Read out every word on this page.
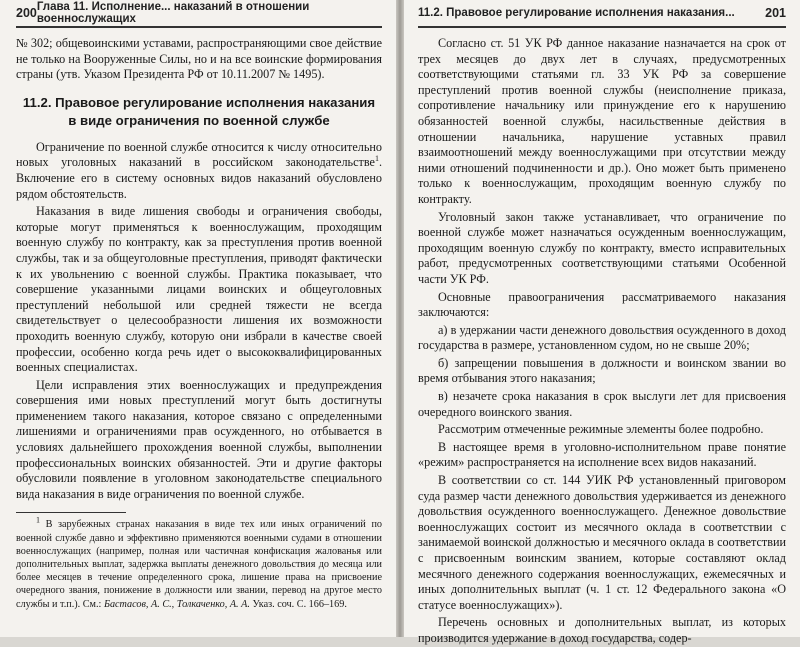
200 Глава 11. Исполнение... наказаний в отношении военнослужащих

№ 302; общевоинскими уставами, распространяющими свое действие не только на Вооруженные Силы, но и на все воинские формирования страны (утв. Указом Президента РФ от 10.11.2007 № 1495).

11.2. Правовое регулирование исполнения наказания в виде ограничения по военной службе

Ограничение по военной службе относится к числу относительно новых уголовных наказаний в российском законодательстве$^1$. Включение его в систему основных видов наказаний обусловлено рядом обстоятельств.

Наказания в виде лишения свободы и ограничения свободы, которые могут применяться к военнослужащим, проходящим военную службу по контракту, как за преступления против военной службы, так и за общеуголовные преступления, приводят фактически к их увольнению с военной службы. Практика показывает, что совершение указанными лицами воинских и общеуголовных преступлений небольшой или средней тяжести не всегда свидетельствует о целесообразности лишения их возможности проходить военную службу, которую они избрали в качестве своей профессии, особенно когда речь идет о высококвалифицированных военных специалистах.

Цели исправления этих военнослужащих и предупреждения совершения ими новых преступлений могут быть достигнуты применением такого наказания, которое связано с определенными лишениями и ограничениями прав осужденного, но отбывается в условиях дальнейшего прохождения военной службы, выполнении профессиональных воинских обязанностей. Эти и другие факторы обусловили появление в уголовном законодательстве специального вида наказания в виде ограничения по военной службе.

$^1$ В зарубежных странах наказания в виде тех или иных ограничений по военной службе давно и эффективно применяются военными судами в отношении военнослужащих (например, полная или частичная конфискация жалованья или дополнительных выплат, задержка выплаты денежного довольствия до месяца или более месяцев в течение определенного срока, лишение права на присвоение очередного звания, понижение в должности или звании, перевод на другое место службы и т.п.). См.: Бастасов, А. С., Толкаченко, А. А. Указ. соч. С. 166–169.

11.2. Правовое регулирование исполнения наказания... 201

Согласно ст. 51 УК РФ данное наказание назначается на срок от трех месяцев до двух лет в случаях, предусмотренных соответствующими статьями гл. 33 УК РФ за совершение преступлений против военной службы (неисполнение приказа, сопротивление начальнику или принуждение его к нарушению обязанностей военной службы, насильственные действия в отношении начальника, нарушение уставных правил взаимоотношений между военнослужащими при отсутствии между ними отношений подчиненности и др.). Оно может быть применено только к военнослужащим, проходящим военную службу по контракту.

Уголовный закон также устанавливает, что ограничение по военной службе может назначаться осужденным военнослужащим, проходящим военную службу по контракту, вместо исправительных работ, предусмотренных соответствующими статьями Особенной части УК РФ.

Основные правоограничения рассматриваемого наказания заключаются:

а) в удержании части денежного довольствия осужденного в доход государства в размере, установленном судом, но не свыше 20%;

б) запрещении повышения в должности и воинском звании во время отбывания этого наказания;

в) незачете срока наказания в срок выслуги лет для присвоения очередного воинского звания.

Рассмотрим отмеченные режимные элементы более подробно.

В настоящее время в уголовно-исполнительном праве понятие «режим» распространяется на исполнение всех видов наказаний.

В соответствии со ст. 144 УИК РФ установленный приговором суда размер части денежного довольствия удерживается из денежного довольствия осужденного военнослужащего. Денежное довольствие военнослужащих состоит из месячного оклада в соответствии с занимаемой воинской должностью и месячного оклада в соответствии с присвоенным воинским званием, которые составляют оклад месячного денежного содержания военнослужащих, ежемесячных и иных дополнительных выплат (ч. 1 ст. 12 Федерального закона «О статусе военнослужащих»).

Перечень основных и дополнительных выплат, из которых производится удержание в доход государства, содер-
